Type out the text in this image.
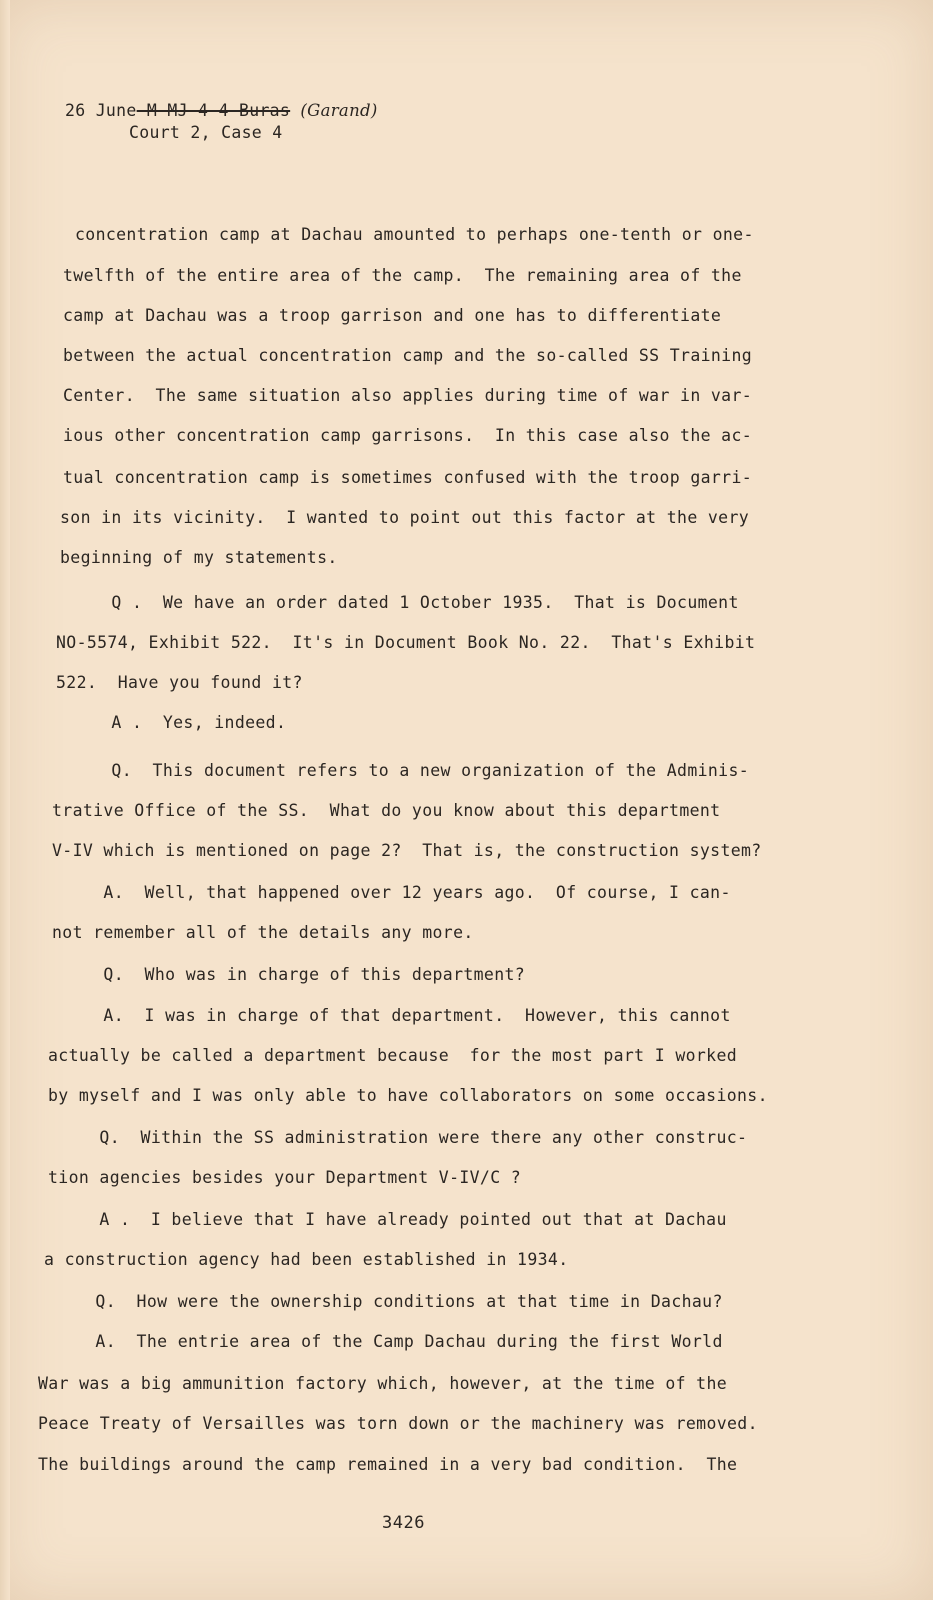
26 June-M-MJ-4-4-Buras (Garand)
Court 2, Case 4
concentration camp at Dachau amounted to perhaps one-tenth or one-
twelfth of the entire area of the camp.  The remaining area of the
camp at Dachau was a troop garrison and one has to differentiate
between the actual concentration camp and the so-called SS Training
Center.  The same situation also applies during time of war in var-
ious other concentration camp garrisons.  In this case also the ac-
tual concentration camp is sometimes confused with the troop garri-
son in its vicinity.  I wanted to point out this factor at the very
beginning of my statements.
Q .  We have an order dated 1 October 1935.  That is Document
NO-5574, Exhibit 522.  It's in Document Book No. 22.  That's Exhibit
522.  Have you found it?
A .  Yes, indeed.
Q.  This document refers to a new organization of the Adminis-
trative Office of the SS.  What do you know about this department
V-IV which is mentioned on page 2?  That is, the construction system?
A.  Well, that happened over 12 years ago.  Of course, I can-
not remember all of the details any more.
Q.  Who was in charge of this department?
A.  I was in charge of that department.  However, this cannot
actually be called a department because  for the most part I worked
by myself and I was only able to have collaborators on some occasions.
Q.  Within the SS administration were there any other construc-
tion agencies besides your Department V-IV/C ?
A .  I believe that I have already pointed out that at Dachau
a construction agency had been established in 1934.
Q.  How were the ownership conditions at that time in Dachau?
A.  The entrie area of the Camp Dachau during the first World
War was a big ammunition factory which, however, at the time of the
Peace Treaty of Versailles was torn down or the machinery was removed.
The buildings around the camp remained in a very bad condition.  The
3426
